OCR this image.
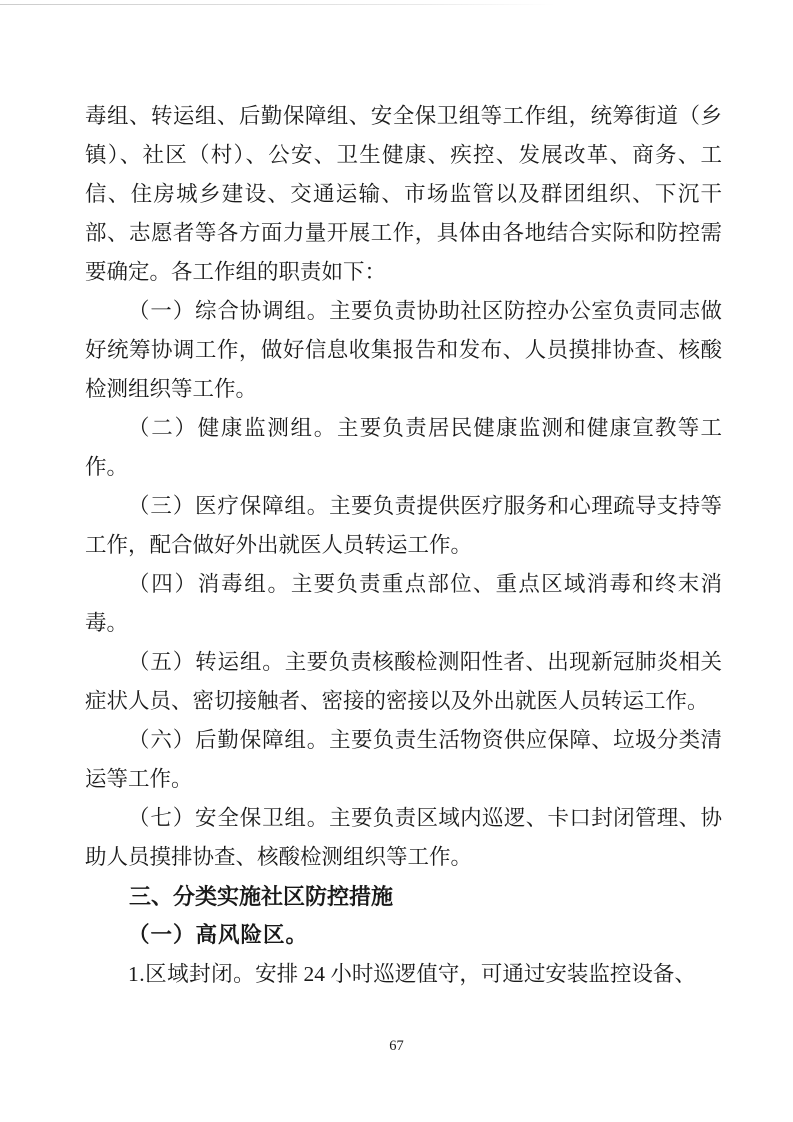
毒组、转运组、后勤保障组、安全保卫组等工作组，统筹街道（乡镇）、社区（村）、公安、卫生健康、疾控、发展改革、商务、工信、住房城乡建设、交通运输、市场监管以及群团组织、下沉干部、志愿者等各方面力量开展工作，具体由各地结合实际和防控需要确定。各工作组的职责如下：

（一）综合协调组。主要负责协助社区防控办公室负责同志做好统筹协调工作，做好信息收集报告和发布、人员摸排协查、核酸检测组织等工作。

（二）健康监测组。主要负责居民健康监测和健康宣教等工作。

（三）医疗保障组。主要负责提供医疗服务和心理疏导支持等工作，配合做好外出就医人员转运工作。

（四）消毒组。主要负责重点部位、重点区域消毒和终末消毒。

（五）转运组。主要负责核酸检测阳性者、出现新冠肺炎相关症状人员、密切接触者、密接的密接以及外出就医人员转运工作。

（六）后勤保障组。主要负责生活物资供应保障、垃圾分类清运等工作。

（七）安全保卫组。主要负责区域内巡逻、卡口封闭管理、协助人员摸排协查、核酸检测组织等工作。

三、分类实施社区防控措施

（一）高风险区。

1.区域封闭。安排 24 小时巡逻值守，可通过安装监控设备、

67
